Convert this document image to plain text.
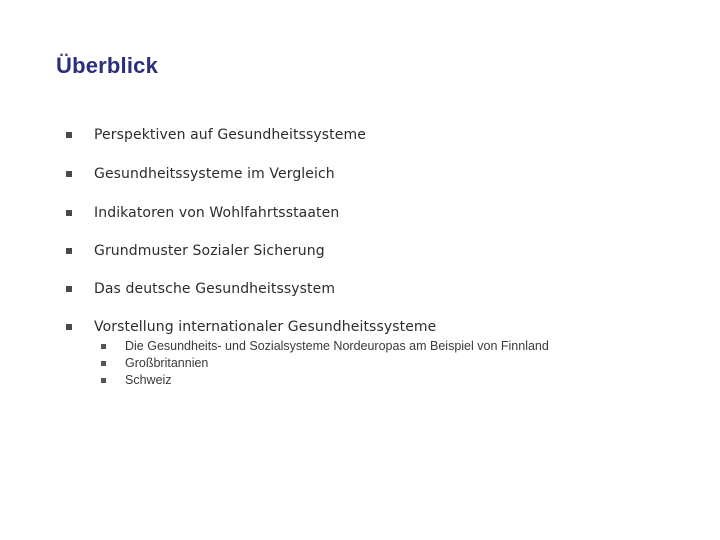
Überblick
Perspektiven auf Gesundheitssysteme
Gesundheitssysteme im Vergleich
Indikatoren von Wohlfahrtsstaaten
Grundmuster Sozialer Sicherung
Das deutsche Gesundheitssystem
Vorstellung internationaler Gesundheitssysteme
Die Gesundheits- und Sozialsysteme Nordeuropas am Beispiel von Finnland
Großbritannien
Schweiz
